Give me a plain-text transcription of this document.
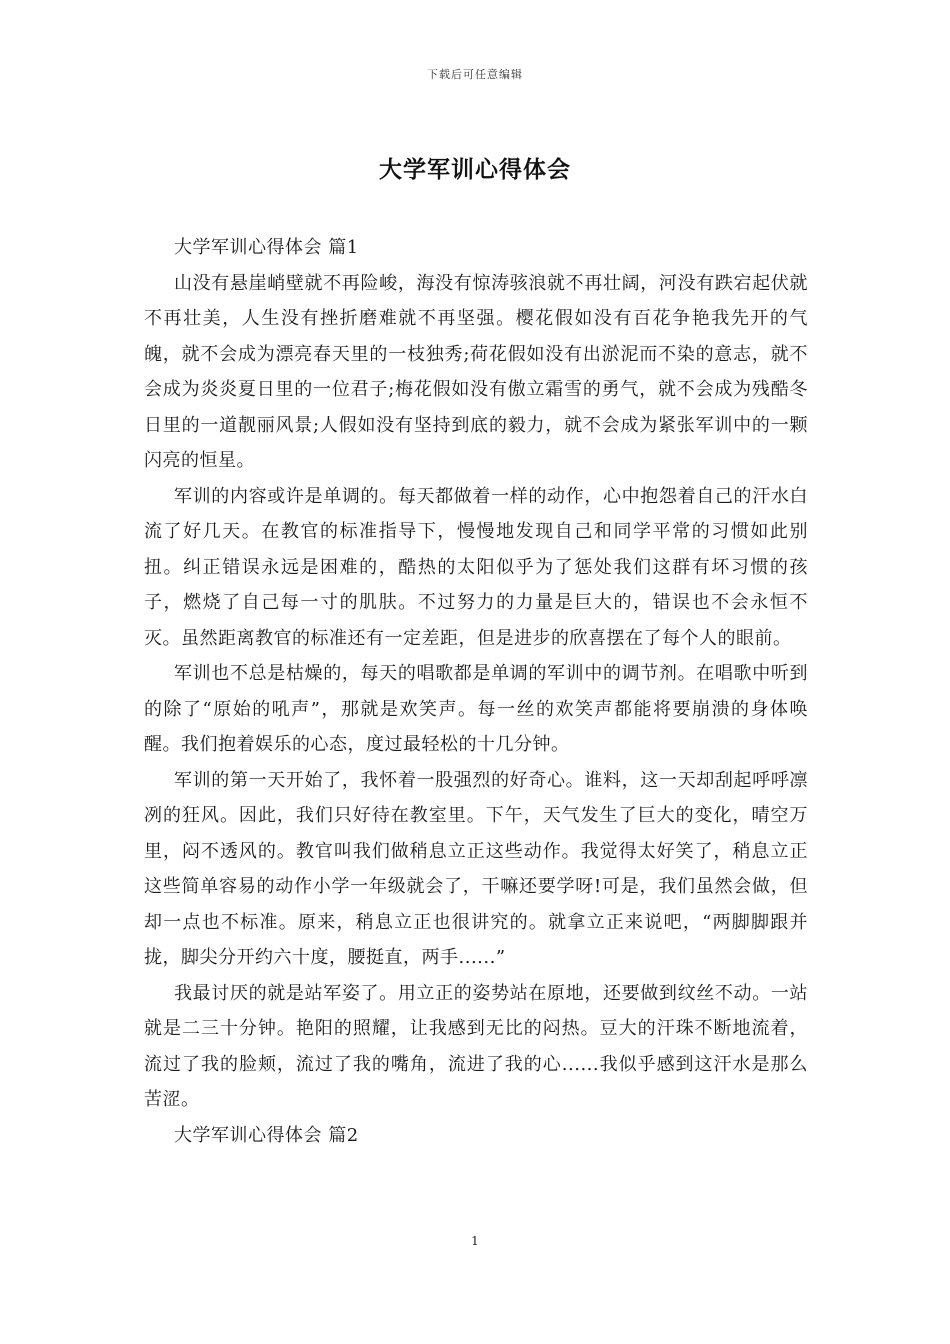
下载后可任意编辑
大学军训心得体会
大学军训心得体会 篇1

山没有悬崖峭壁就不再险峻，海没有惊涛骇浪就不再壮阔，河没有跌宕起伏就不再壮美，人生没有挫折磨难就不再坚强。樱花假如没有百花争艳我先开的气魄，就不会成为漂亮春天里的一枝独秀;荷花假如没有出淤泥而不染的意志，就不会成为炎炎夏日里的一位君子;梅花假如没有傲立霜雪的勇气，就不会成为残酷冬日里的一道靓丽风景;人假如没有坚持到底的毅力，就不会成为紧张军训中的一颗闪亮的恒星。

军训的内容或许是单调的。每天都做着一样的动作，心中抱怨着自己的汗水白流了好几天。在教官的标准指导下，慢慢地发现自己和同学平常的习惯如此别扭。纠正错误永远是困难的，酷热的太阳似乎为了惩处我们这群有坏习惯的孩子，燃烧了自己每一寸的肌肤。不过努力的力量是巨大的，错误也不会永恒不灭。虽然距离教官的标准还有一定差距，但是进步的欣喜摆在了每个人的眼前。

军训也不总是枯燥的，每天的唱歌都是单调的军训中的调节剂。在唱歌中听到的除了“原始的吼声”，那就是欢笑声。每一丝的欢笑声都能将要崩溃的身体唤醒。我们抱着娱乐的心态，度过最轻松的十几分钟。

军训的第一天开始了，我怀着一股强烈的好奇心。谁料，这一天却刮起呼呼凛冽的狂风。因此，我们只好待在教室里。下午，天气发生了巨大的变化，晴空万里，闷不透风的。教官叫我们做稍息立正这些动作。我觉得太好笑了，稍息立正这些简单容易的动作小学一年级就会了，干嘛还要学呀!可是，我们虽然会做，但却一点也不标准。原来，稍息立正也很讲究的。就拿立正来说吧，“两脚脚跟并拢，脚尖分开约六十度，腰挺直，两手......”

我最讨厌的就是站军姿了。用立正的姿势站在原地，还要做到纹丝不动。一站就是二三十分钟。艳阳的照耀，让我感到无比的闷热。豆大的汗珠不断地流着，流过了我的脸颊，流过了我的嘴角，流进了我的心......我似乎感到这汗水是那么苦涩。

大学军训心得体会 篇2
1
